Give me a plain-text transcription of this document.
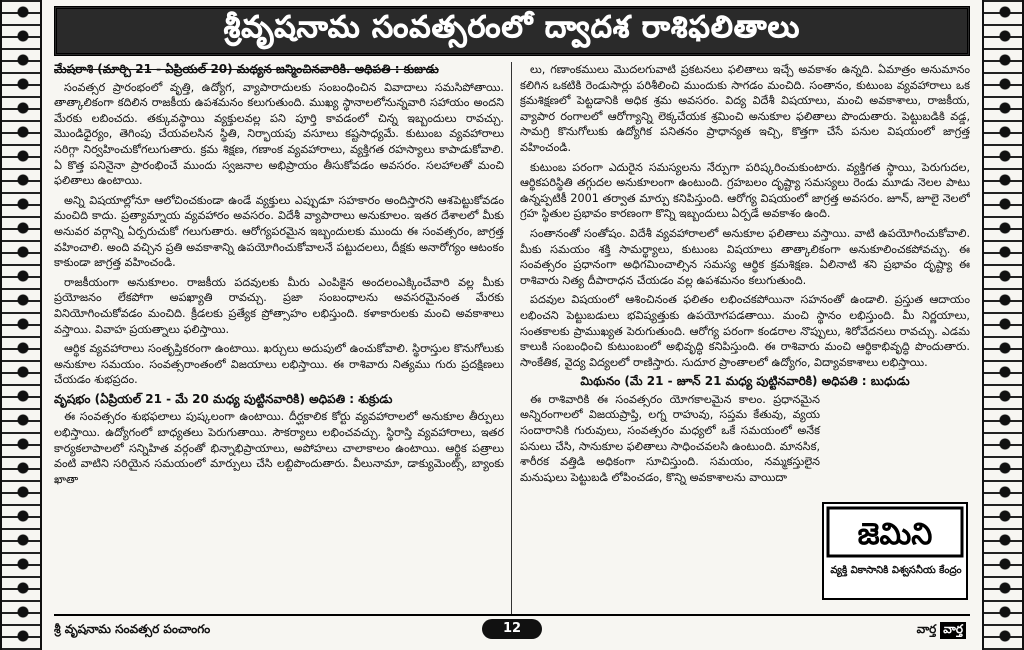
శ్రీవృషనామ సంవత్సరంలో ద్వాదశ రాశిఫలితాలు

మేషరాశి (మార్చి 21 - ఏప్రియల్ 20) మధ్యన జన్మించినవారికి. అధిపతి : కుజుడు

సంవత్సర ప్రారంభంలో వృత్తి, ఉద్యోగ, వ్యాపారాదులకు సంబంధించిన వివాదాలు సమసిపోతాయి. తాత్కాలికంగా కదిలిన రాజకీయ ఉపశమనం కలుగుతుంది. ముఖ్య స్థానాలలోనున్నవారి సహాయం అందని మేరకు లబించదు. తక్కువస్థాయి వ్యక్తులవల్ల పని పూర్తి కావడంలో చిన్న ఇబ్బందులు రావచ్చు. మొండిధైర్యం, తెగింపు చేయవలసిన స్థితి, నిర్భాయపు వసూలు కష్టసాధ్యమే. కుటుంబ వ్యవహారాలు సరిగ్గా నిర్వహించుకోగలుగుతారు. క్రమ శిక్షణ, గణాంక వ్యవహారాలు, వ్యక్తిగత రహస్యాలు కాపాడుకోవాలి. ఏ కొత్త పనినైనా ప్రారంభించే ముందు స్వజనాల అభిప్రాయం తీసుకోవడం అవసరం. సలహాలతో మంచి ఫలితాలు ఉంటాయి.

అన్ని విషయాల్లోనూ ఆలోచించకుండా ఉండే వ్యక్తులు ఎప్పుడూ సహకారం అందిస్తారని ఆశపెట్టుకోవడం మంచిది కాదు. ప్రత్యామ్నాయ వ్యవహారం అవసరం. విదేశీ వ్యాపారాలు అనుకూలం. ఇతర దేశాలలో మీకు అనువర వర్గాన్ని ఏర్పరుచుకో గలుగుతారు. ఆరోగ్యపరమైన ఇబ్బందులకు ముందు ఈ సంవత్సరం, జాగ్రత్త వహించాలి. అంది వచ్చిన ప్రతి అవకాశాన్ని ఉపయోగించుకోవాలనే పట్టుదలలు, దీక్షకు అనారోగ్యం ఆటంకం కాకుండా జాగ్రత్త వహించండి.

రాజకీయంగా అనుకూలం. రాజకీయ పదవులకు మీరు ఎంపికైన అందలంఎక్కించేవారి వల్ల మీకు ప్రయోజనం లేకపోగా అపఖ్యాతి రావచ్చు. ప్రజా సంబంధాలను అవసరమైనంత మేరకు వినియోగించుకోవడం మంచిది. క్రీడలకు ప్రత్యేక ప్రోత్సాహం లభిస్తుంది. కళాకారులకు మంచి అవకాశాలు వస్తాయి. వివాహ ప్రయత్నాలు ఫలిస్తాయి.

ఆర్థిక వ్యవహారాలు సంతృప్తికరంగా ఉంటాయి. ఖర్చులు అదుపులో ఉంచుకోవాలి. స్థిరాస్తుల కొనుగోలుకు అనుకూల సమయం. సంవత్సరాంతంలో విజయాలు లభిస్తాయి. ఈ రాశివారు నిత్యము గురు ప్రదక్షిణలు చేయడం శుభప్రదం.

వృషభం (ఏప్రియల్ 21 - మే 20 మధ్య పుట్టినవారికి) అధిపతి : శుక్రుడు

ఈ సంవత్సరం శుభఫలాలు పుష్కలంగా ఉంటాయి. దీర్ఘకాలిక కోర్టు వ్యవహారాలలో అనుకూల తీర్పులు లభిస్తాయి. ఉద్యోగంలో బాధ్యతలు పెరుగుతాయి. సౌకర్యాలు లభించవచ్చు. స్థిరాస్తి వ్యవహారాలు, ఇతర కార్యకలాపాలలో సన్నిహిత వర్గంతో భిన్నాభిప్రాయాలు, అపోహలు చాలాకాలం ఉంటాయి. ఆర్థిక పత్రాలు వంటి వాటిని సరియైన సమయంలో మార్పులు చేసి లబ్దిపొందుతారు. వీలునామా, డాక్యుమెంట్స్, బ్యాంకు ఖాతా

లు, గణాంకములు మొదలగువాటి ప్రకటనలు ఫలితాలు ఇచ్చే అవకాశం ఉన్నది. ఏమాత్రం అనుమానం కలిగిన ఒకటికి రెండుసార్లు పరిశీలించి ముందుకు సాగడం మంచిది. సంతానం, కుటుంబ వ్యవహారాలు ఒక క్రమశిక్షణలో పెట్టడానికి అధిక శ్రమ అవసరం. విద్య విదేశీ విషయాలు, మంచి అవకాశాలు, రాజకీయ, వ్యాపార రంగాలలో ఆరోగ్యాన్ని లెక్కచేయక శ్రమించి అనుకూల ఫలితాలు పొందుతారు. పెట్టుబడికి వడ్డ, సామగ్రి కొనుగోలుకు ఉద్యోగిక పనితనం ప్రాధాన్యత ఇచ్చి, కొత్తగా చేసే పనుల విషయంలో జాగ్రత్త వహించండి.

కుటుంబ పరంగా ఎదురైన సమస్యలను నేర్పుగా పరిష్కరించుకుంటారు. వ్యక్తిగత స్థాయి, పెరుగుదల, ఆర్థికపరిస్థితి తగ్గుదల అనుకూలంగా ఉంటుంది. గ్రహబలం దృష్ట్యా సమస్యలు రెండు మూడు నెలల పాటు ఉన్నప్పటికీ 2001 తర్వాత మార్పు కనిపిస్తుంది. ఆరోగ్య విషయంలో జాగ్రత్త అవసరం. జూన్, జూలై నెలలో గ్రహ స్థితుల ప్రభావం కారణంగా కొన్ని ఇబ్బందులు ఏర్పడే అవకాశం ఉంది.

సంతానంతో సంతోషం. విదేశీ వ్యవహారాలలో అనుకూల ఫలితాలు వస్తాయి. వాటి ఉపయోగించుకోవాలి. మీకు సమయం శక్తి సామర్థ్యాలు, కుటుంబ విషయాలు తాత్కాలికంగా అనుకూలించకపోవచ్చు. ఈ సంవత్సరం ప్రధానంగా అధిగమించాల్సిన సమస్య ఆర్థిక క్రమశిక్షణ. ఏలినాటి శని ప్రభావం దృష్ట్యా ఈ రాశివారు నిత్య దీపారాధన చేయడం వల్ల ఉపశమనం కలుగుతుంది.

పదవుల విషయంలో ఆశించినంత ఫలితం లభించకపోయినా సహనంతో ఉండాలి. ప్రస్తుత ఆదాయం లభించని పెట్టుబడులు భవిష్యత్తుకు ఉపయోగపడతాయి. మంచి స్థానం లభిస్తుంది. మీ నిర్ణయాలు, సంతకాలకు ప్రాముఖ్యత పెరుగుతుంది. ఆరోగ్య పరంగా కండరాల నొప్పులు, శిరోవేదనలు రావచ్చు. ఎడమ కాలుకి సంబంధించి కుటుంబంలో అభివృద్ధి కనిపిస్తుంది. ఈ రాశివారు మంచి ఆర్థికాభివృద్ధి పొందుతారు. సాంకేతిక, వైద్య విద్యలలో రాణిస్తారు. సుదూర ప్రాంతాలలో ఉద్యోగం, విద్యావకాశాలు లభిస్తాయి.

మిథునం (మే 21 - జూన్ 21 మధ్య పుట్టినవారికి) అధిపతి : బుధుడు

ఈ రాశివారికి ఈ సంవత్సరం యోగకాలమైన కాలం. ప్రధానమైన అన్నిరంగాలలో విజయప్రాప్తి, లగ్న రాహువు, సప్తమ కేతువు, వ్యయ సందారానికి గురువులు, సంవత్సరం మధ్యలో ఒకే సమయంలో అనేక పనులు చేసి, సానుకూల ఫలితాలు సాధించవలసి ఉంటుంది. మానసిక, శారీరక వత్తిడి అధికంగా సూచిస్తుంది. సమయం, నమ్మకస్తులైన మనుషులు పెట్టుబడి లోపించడం, కొన్ని అవకాశాలను వాయిదా

జెమిని
వ్యక్తి వికాసానికి విశ్వసనీయ కేంద్రం
శ్రీ వృషనామ సంవత్సర పంచాంగం	12	వార్త వార్త
